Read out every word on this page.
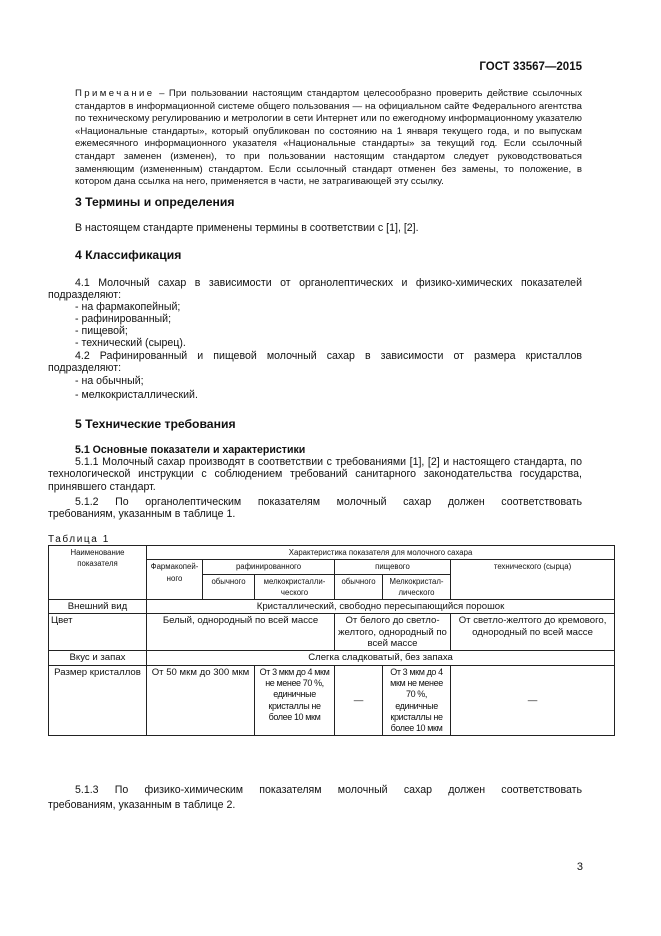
ГОСТ 33567—2015
Примечание – При пользовании настоящим стандартом целесообразно проверить действие ссылочных стандартов в информационной системе общего пользования — на официальном сайте Федерального агентства по техническому регулированию и метрологии в сети Интернет или по ежегодному информационному указателю «Национальные стандарты», который опубликован по состоянию на 1 января текущего года, и по выпускам ежемесячного информационного указателя «Национальные стандарты» за текущий год. Если ссылочный стандарт заменен (изменен), то при пользовании настоящим стандартом следует руководствоваться заменяющим (измененным) стандартом. Если ссылочный стандарт отменен без замены, то положение, в котором дана ссылка на него, применяется в части, не затрагивающей эту ссылку.
3 Термины и определения
В настоящем стандарте применены термины в соответствии с [1], [2].
4 Классификация
4.1 Молочный сахар в зависимости от органолептических и физико-химических показателей
подразделяют:
- на фармакопейный;
- рафинированный;
- пищевой;
- технический (сырец).
4.2 Рафинированный и пищевой молочный сахар в зависимости от размера кристаллов
подразделяют:
- на обычный;
- мелкокристаллический.
5 Технические требования
5.1 Основные показатели и характеристики
5.1.1 Молочный сахар производят в соответствии с требованиями [1], [2] и настоящего стандарта, по технологической инструкции с соблюдением требований санитарного законодательства государства, принявшего стандарт.
5.1.2 По органолептическим показателям молочный сахар должен соответствовать
требованиям, указанным в таблице 1.
Таблица 1
Наименование показателя	Характеристика показателя для молочного сахара					
	Фармакопей-ного	рафинированного		пищевого		технического (сырца)
		обычного	мелкокристалли-ческого	обычного	Мелкокристал-лического	
Внешний вид	Кристаллический, свободно пересыпающийся порошок					
Цвет	Белый, однородный по всей массе			От белого до светло-желтого, однородный по всей массе		От светло-желтого до кремового, однородный по всей массе
Вкус и запах	Слегка сладковатый, без запаха					
Размер кристаллов	От 50 мкм до 300 мкм		От 3 мкм до 4 мкм не менее 70 %, единичные кристаллы не более 10 мкм	—	От 3 мкм до 4 мкм не менее 70 %, единичные кристаллы не более 10 мкм	—
5.1.3 По физико-химическим показателям молочный сахар должен соответствовать
требованиям, указанным в таблице 2.
3
